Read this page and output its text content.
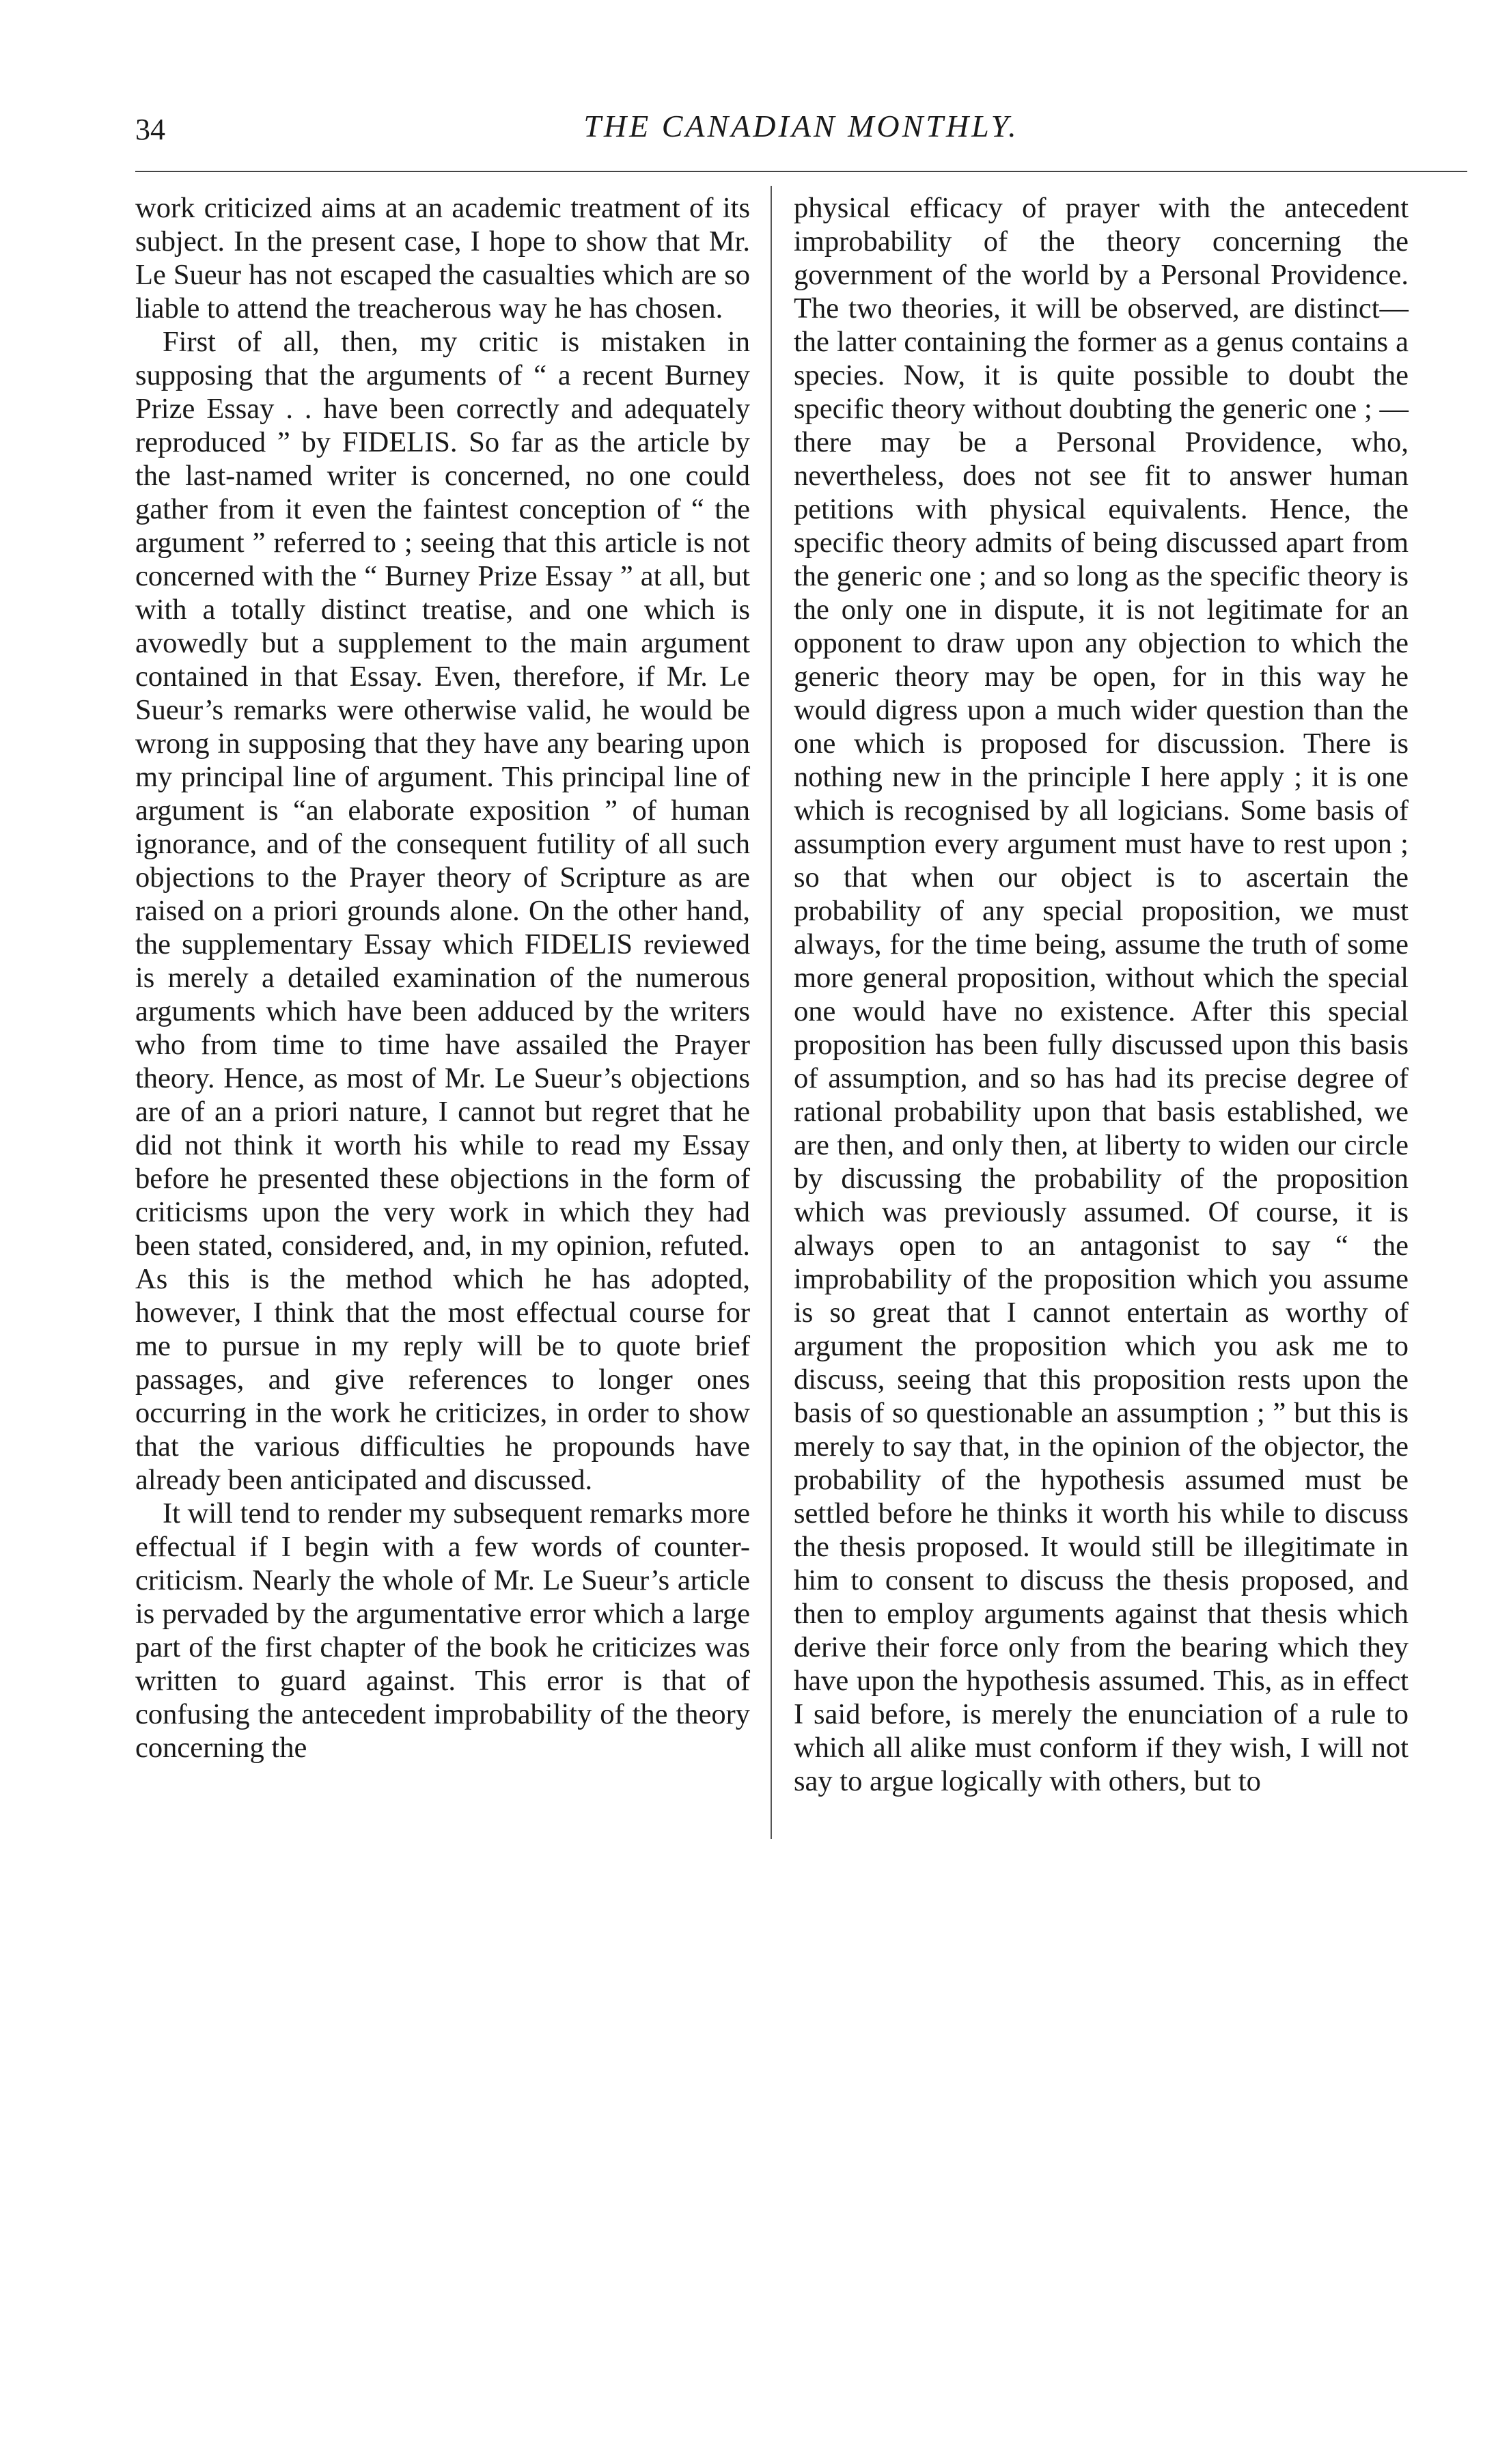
34	THE CANADIAN MONTHLY.

work criticized aims at an academic treatment of its subject. In the present case, I hope to show that Mr. Le Sueur has not escaped the casualties which are so liable to attend the treacherous way he has chosen.

First of all, then, my critic is mistaken in supposing that the arguments of “ a recent Burney Prize Essay . . have been correctly and adequately reproduced ” by FIDELIS. So far as the article by the last-named writer is concerned, no one could gather from it even the faintest conception of “ the argument ” referred to ; seeing that this article is not concerned with the “ Burney Prize Essay ” at all, but with a totally distinct treatise, and one which is avowedly but a supplement to the main argument contained in that Essay. Even, therefore, if Mr. Le Sueur’s remarks were otherwise valid, he would be wrong in supposing that they have any bearing upon my principal line of argument. This principal line of argument is “an elaborate exposition ” of human ignorance, and of the consequent futility of all such objections to the Prayer theory of Scripture as are raised on a priori grounds alone. On the other hand, the supplementary Essay which FIDELIS reviewed is merely a detailed examination of the numerous arguments which have been adduced by the writers who from time to time have assailed the Prayer theory. Hence, as most of Mr. Le Sueur’s objections are of an a priori nature, I cannot but regret that he did not think it worth his while to read my Essay before he presented these objections in the form of criticisms upon the very work in which they had been stated, considered, and, in my opinion, refuted. As this is the method which he has adopted, however, I think that the most effectual course for me to pursue in my reply will be to quote brief passages, and give references to longer ones occurring in the work he criticizes, in order to show that the various difficulties he propounds have already been anticipated and discussed.

It will tend to render my subsequent remarks more effectual if I begin with a few words of counter-criticism. Nearly the whole of Mr. Le Sueur’s article is pervaded by the argumentative error which a large part of the first chapter of the book he criticizes was written to guard against. This error is that of confusing the antecedent improbability of the theory concerning the

physical efficacy of prayer with the antecedent improbability of the theory concerning the government of the world by a Personal Providence. The two theories, it will be observed, are distinct—the latter containing the former as a genus contains a species. Now, it is quite possible to doubt the specific theory without doubting the generic one ; —there may be a Personal Providence, who, nevertheless, does not see fit to answer human petitions with physical equivalents. Hence, the specific theory admits of being discussed apart from the generic one ; and so long as the specific theory is the only one in dispute, it is not legitimate for an opponent to draw upon any objection to which the generic theory may be open, for in this way he would digress upon a much wider question than the one which is proposed for discussion. There is nothing new in the principle I here apply ; it is one which is recognised by all logicians. Some basis of assumption every argument must have to rest upon ; so that when our object is to ascertain the probability of any special proposition, we must always, for the time being, assume the truth of some more general proposition, without which the special one would have no existence. After this special proposition has been fully discussed upon this basis of assumption, and so has had its precise degree of rational probability upon that basis established, we are then, and only then, at liberty to widen our circle by discussing the probability of the proposition which was previously assumed. Of course, it is always open to an antagonist to say “ the improbability of the proposition which you assume is so great that I cannot entertain as worthy of argument the proposition which you ask me to discuss, seeing that this proposition rests upon the basis of so questionable an assumption ; ” but this is merely to say that, in the opinion of the objector, the probability of the hypothesis assumed must be settled before he thinks it worth his while to discuss the thesis proposed. It would still be illegitimate in him to consent to discuss the thesis proposed, and then to employ arguments against that thesis which derive their force only from the bearing which they have upon the hypothesis assumed. This, as in effect I said before, is merely the enunciation of a rule to which all alike must conform if they wish, I will not say to argue logically with others, but to
